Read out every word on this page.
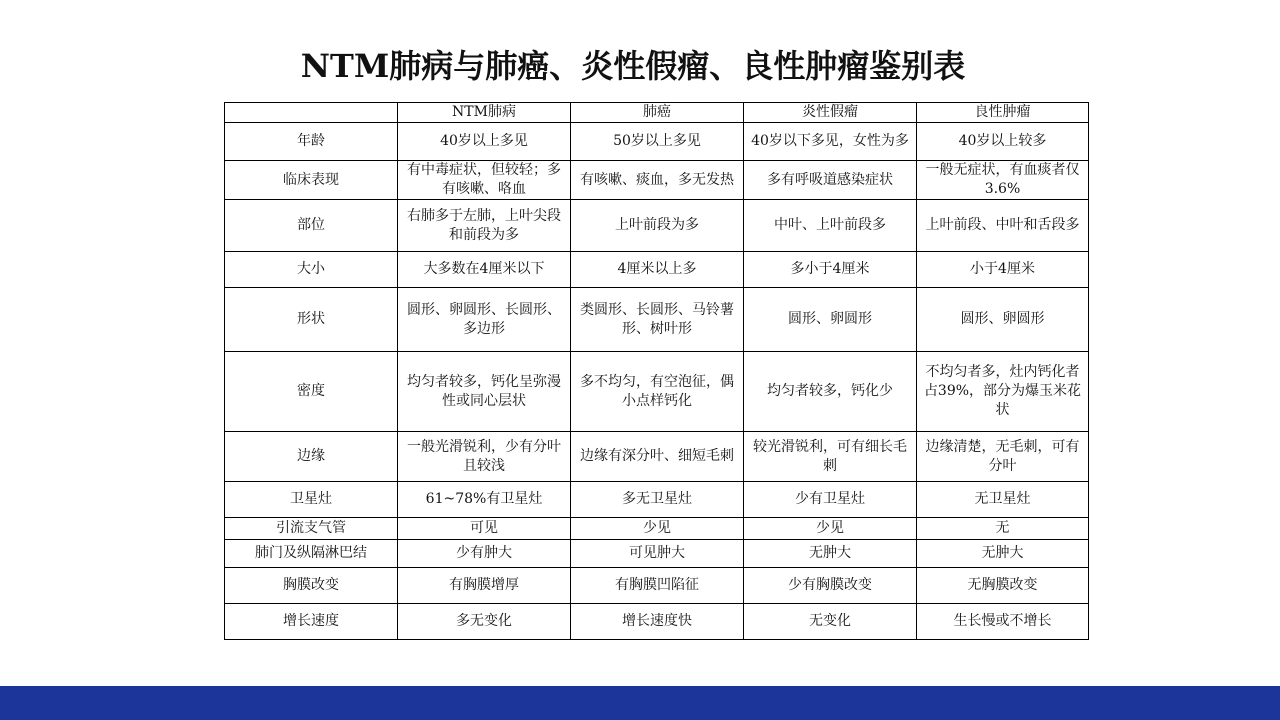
NTM肺病与肺癌、炎性假瘤、良性肿瘤鉴别表
	NTM肺病	肺癌	炎性假瘤	良性肿瘤
年龄	40岁以上多见	50岁以上多见	40岁以下多见，女性为多	40岁以上较多
临床表现	有中毒症状，但较轻；多有咳嗽、咯血	有咳嗽、痰血，多无发热	多有呼吸道感染症状	一般无症状，有血痰者仅3.6%
部位	右肺多于左肺，上叶尖段和前段为多	上叶前段为多	中叶、上叶前段多	上叶前段、中叶和舌段多
大小	大多数在4厘米以下	4厘米以上多	多小于4厘米	小于4厘米
形状	圆形、卵圆形、长圆形、多边形	类圆形、长圆形、马铃薯形、树叶形	圆形、卵圆形	圆形、卵圆形
密度	均匀者较多，钙化呈弥漫性或同心层状	多不均匀，有空泡征，偶小点样钙化	均匀者较多，钙化少	不均匀者多，灶内钙化者占39%，部分为爆玉米花状
边缘	一般光滑锐利，少有分叶且较浅	边缘有深分叶、细短毛刺	较光滑锐利，可有细长毛刺	边缘清楚，无毛刺，可有分叶
卫星灶	61~78%有卫星灶	多无卫星灶	少有卫星灶	无卫星灶
引流支气管	可见	少见	少见	无
肺门及纵隔淋巴结	少有肿大	可见肿大	无肿大	无肿大
胸膜改变	有胸膜增厚	有胸膜凹陷征	少有胸膜改变	无胸膜改变
增长速度	多无变化	增长速度快	无变化	生长慢或不增长
